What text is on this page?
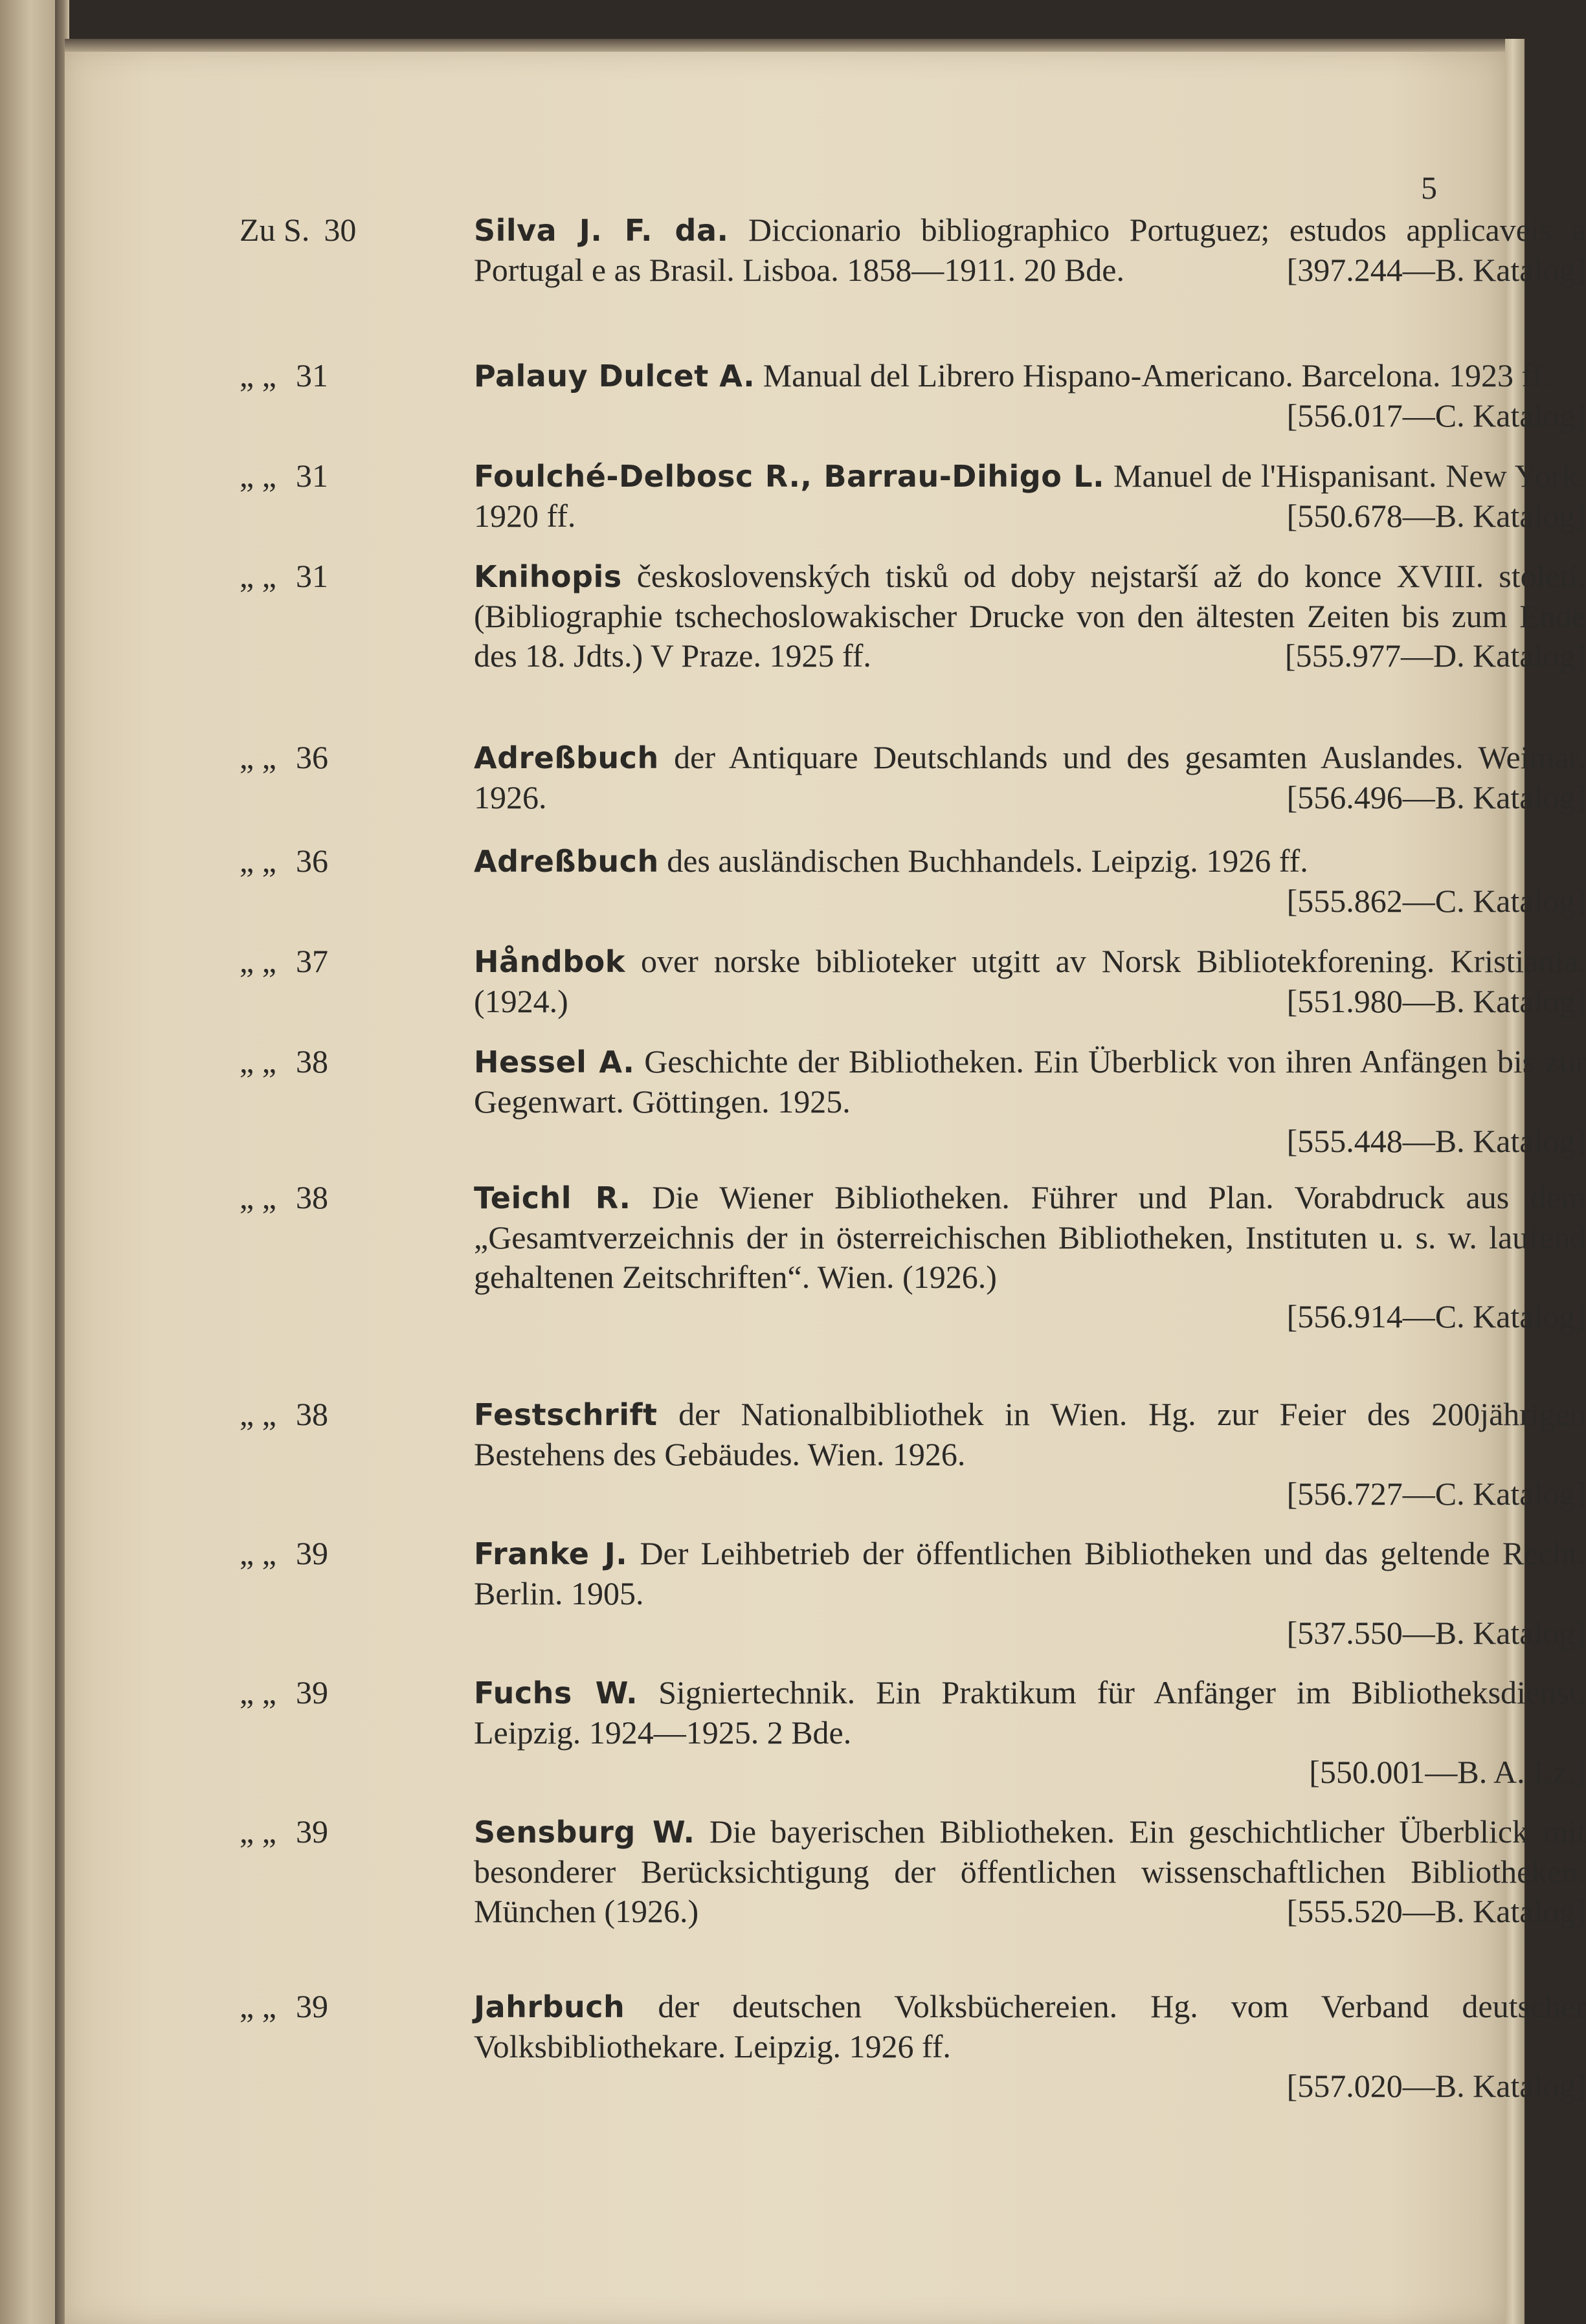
5
Zu S. 30	Silva J. F. da. Diccionario bibliographico Portuguez; estudos applicaveis a Portugal e as Brasil. Lisboa. 1858—1911. 20 Bde.	[397.244—B. Katalog]
„ „ 31	Palauy Dulcet A. Manual del Librero Hispano-Americano. Barcelona. 1923 ff.
[556.017—C. Katalog]
„ „ 31	Foulché-Delbosc R., Barrau-Dihigo L. Manuel de l'Hispanisant. New York. 1920 ff.	[550.678—B. Katalog]
„ „ 31	Knihopis československých tisků od doby nejstarší až do konce XVIII. století. (Bibliographie tschechoslowakischer Drucke von den ältesten Zeiten bis zum Ende des 18. Jdts.) V Praze. 1925 ff.	[555.977—D. Katalog]
„ „ 36	Adreßbuch der Antiquare Deutschlands und des gesamten Auslandes. Weimar. 1926.	[556.496—B. Katalog]
„ „ 36	Adreßbuch des ausländischen Buchhandels. Leipzig. 1926 ff.
[555.862—C. Katalog]
„ „ 37	Håndbok over norske biblioteker utgitt av Norsk Bibliotekforening. Kristiania. (1924.)	[551.980—B. Katalog]
„ „ 38	Hessel A. Geschichte der Bibliotheken. Ein Überblick von ihren Anfängen bis zur Gegenwart. Göttingen. 1925.
[555.448—B. Katalog]
„ „ 38	Teichl R. Die Wiener Bibliotheken. Führer und Plan. Vorabdruck aus dem „Gesamtverzeichnis der in österreichischen Bibliotheken, Instituten u. s. w. laufend gehaltenen Zeitschriften“. Wien. (1926.)
[556.914—C. Katalog]
„ „ 38	Festschrift der Nationalbibliothek in Wien. Hg. zur Feier des 200jährigen Bestehens des Gebäudes. Wien. 1926.
[556.727—C. Katalog]
„ „ 39	Franke J. Der Leihbetrieb der öffentlichen Bibliotheken und das geltende Recht. Berlin. 1905.
[537.550—B. Katalog]
„ „ 39	Fuchs W. Signiertechnik. Ein Praktikum für Anfänger im Bibliotheksdienst. Leipzig. 1924—1925. 2 Bde.
[550.001—B. A. Lz.]
„ „ 39	Sensburg W. Die bayerischen Bibliotheken. Ein geschichtlicher Überblick mit besonderer Berücksichtigung der öffentlichen wissenschaftlichen Bibliotheken. München (1926.)	[555.520—B. Katalog]
„ „ 39	Jahrbuch der deutschen Volksbüchereien. Hg. vom Verband deutscher Volksbibliothekare. Leipzig. 1926 ff.
[557.020—B. Katalog]
